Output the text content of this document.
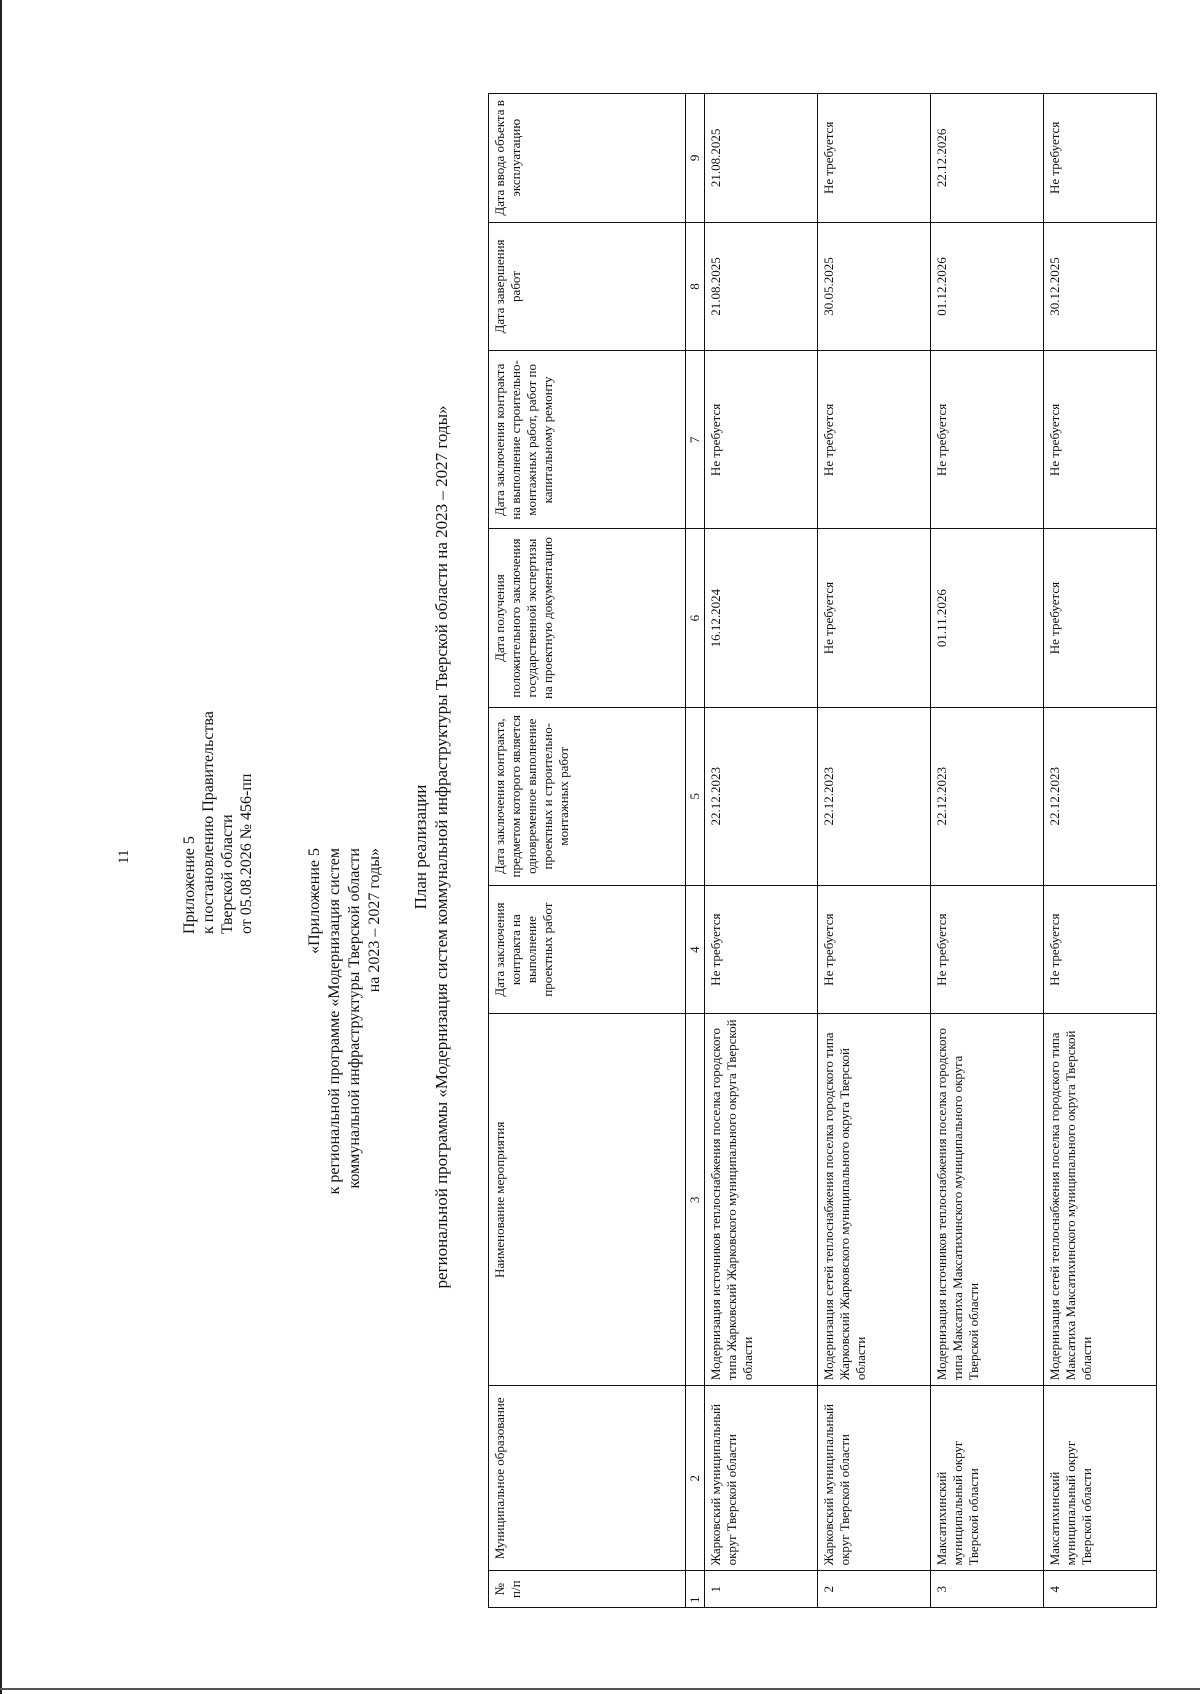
11	Приложение 5 к постановлению Правительства Тверской области от 05.08.2026 № 456-пп	«Приложение 5 к региональной программе «Модернизация систем коммунальной инфраструктуры Тверской области на 2023 – 2027 годы»
План реализации региональной программы «Модернизация систем коммунальной инфраструктуры Тверской области на 2023 – 2027 годы»
№ п/п	Муниципальное образование	Наименование мероприятия	Дата заключения контракта на выполнение проектных работ	Дата заключения контракта, предметом которого является одновременное выполнение проектных и строительно-монтажных работ	Дата получения положительного заключения государственной экспертизы на проектную документацию	Дата заключения контракта на выполнение строительно-монтажных работ, работ по капитальному ремонту	Дата завершения работ	Дата ввода объекта в эксплуатацию
1	2	3	4	5	6	7	8	9
1	Жарковский муниципальный округ Тверской области	Модернизация источников теплоснабжения поселка городского типа Жарковский Жарковского муниципального округа Тверской области	Не требуется	22.12.2023	16.12.2024	Не требуется	21.08.2025	21.08.2025
2	Жарковский муниципальный округ Тверской области	Модернизация сетей теплоснабжения поселка городского типа Жарковский Жарковского муниципального округа Тверской области	Не требуется	22.12.2023	Не требуется	Не требуется	30.05.2025	Не требуется
3	Максатихинский муниципальный округ Тверской области	Модернизация источников теплоснабжения поселка городского типа Максатиха Максатихинского муниципального округа Тверской области	Не требуется	22.12.2023	01.11.2026	Не требуется	01.12.2026	22.12.2026
4	Максатихинский муниципальный округ Тверской области	Модернизация сетей теплоснабжения поселка городского типа Максатиха Максатихинского муниципального округа Тверской области	Не требуется	22.12.2023	Не требуется	Не требуется	30.12.2025	Не требуется
